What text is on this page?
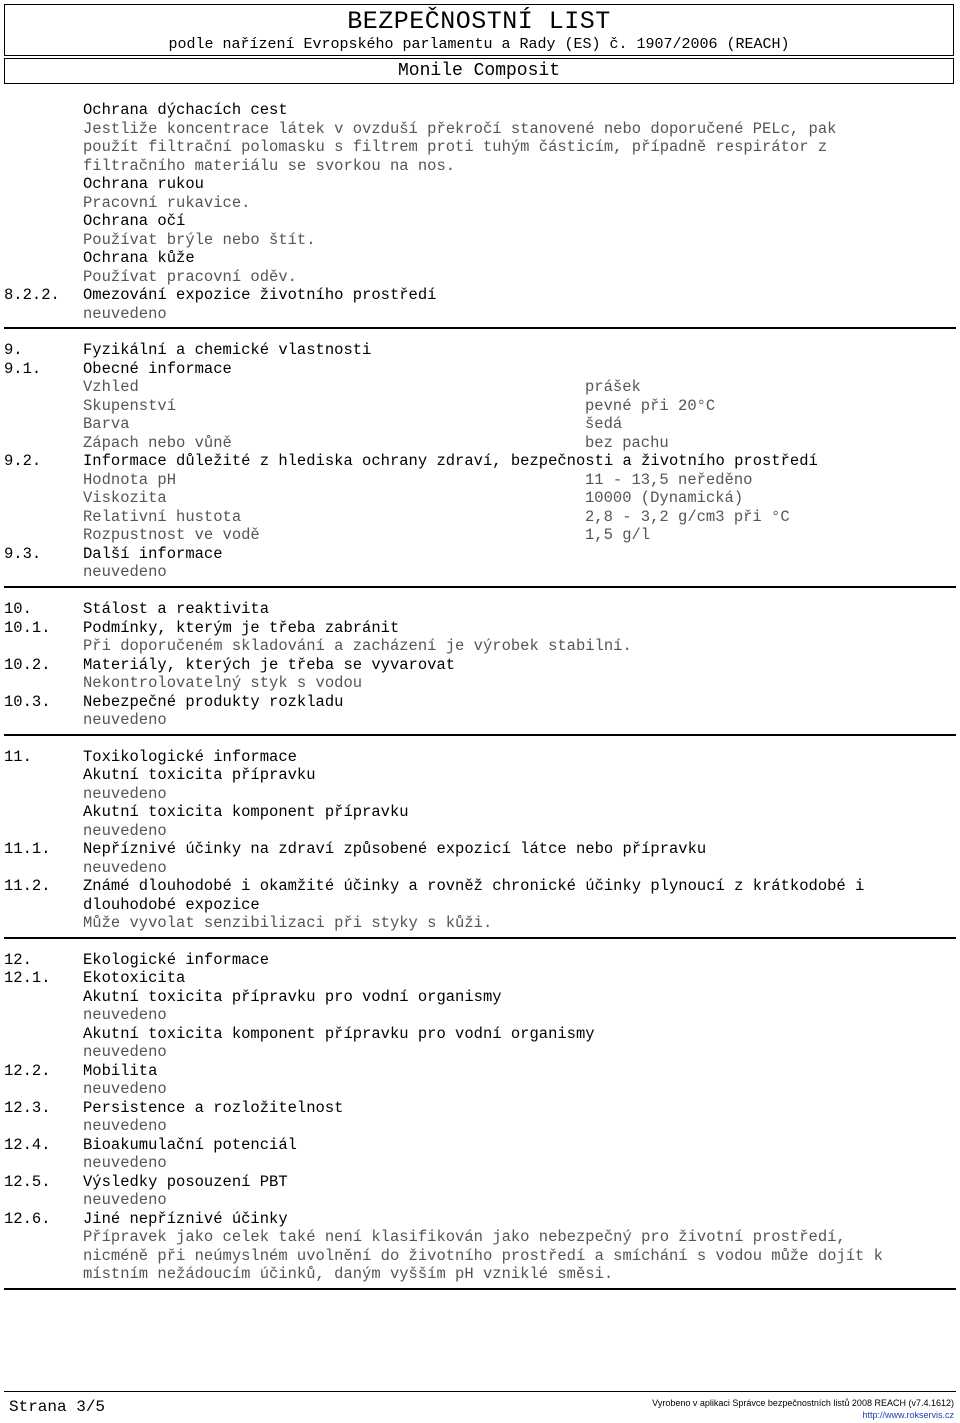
BEZPEČNOSTNÍ LIST
podle nařízení Evropského parlamentu a Rady (ES) č. 1907/2006 (REACH)
Monile Composit
Ochrana dýchacích cest
Jestliže koncentrace látek v ovzduší překročí stanovené nebo doporučené PELc, pak
použít filtrační polomasku s filtrem proti tuhým částicím, případně respirátor z
filtračního materiálu se svorkou na nos.
Ochrana rukou
Pracovní rukavice.
Ochrana očí
Používat brýle nebo štít.
Ochrana kůže
Používat pracovní oděv.
8.2.2. Omezování expozice životního prostředí
neuvedeno
9.	Fyzikální a chemické vlastnosti
9.1.	Obecné informace
Vzhled	prášek
Skupenství	pevné při 20°C
Barva	šedá
Zápach nebo vůně	bez pachu
9.2.	Informace důležité z hlediska ochrany zdraví, bezpečnosti a životního prostředí
Hodnota pH	11 - 13,5 neředěno
Viskozita	10000 (Dynamická)
Relativní hustota	2,8 - 3,2 g/cm3 při °C
Rozpustnost ve vodě	1,5 g/l
9.3.	Další informace
neuvedeno
10.	Stálost a reaktivita
10.1. Podmínky, kterým je třeba zabránit
Při doporučeném skladování a zacházení je výrobek stabilní.
10.2. Materiály, kterých je třeba se vyvarovat
Nekontrolovatelný styk s vodou
10.3. Nebezpečné produkty rozkladu
neuvedeno
11.	Toxikologické informace
Akutní toxicita přípravku
neuvedeno
Akutní toxicita komponent přípravku
neuvedeno
11.1. Nepříznivé účinky na zdraví způsobené expozicí látce nebo přípravku
neuvedeno
11.2. Známé dlouhodobé i okamžité účinky a rovněž chronické účinky plynoucí z krátkodobé i
dlouhodobé expozice
Může vyvolat senzibilizaci při styky s kůži.
12.	Ekologické informace
12.1. Ekotoxicita
Akutní toxicita přípravku pro vodní organismy
neuvedeno
Akutní toxicita komponent přípravku pro vodní organismy
neuvedeno
12.2. Mobilita
neuvedeno
12.3. Persistence a rozložitelnost
neuvedeno
12.4. Bioakumulační potenciál
neuvedeno
12.5. Výsledky posouzení PBT
neuvedeno
12.6. Jiné nepříznivé účinky
Přípravek jako celek také není klasifikován jako nebezpečný pro životní prostředí,
nicméně při neúmyslném uvolnění do životního prostředí a smíchání s vodou může dojít k
místním nežádoucím účinků, daným vyšším pH vzniklé směsi.
Strana 3/5	Vyrobeno v aplikaci Správce bezpečnostních listů 2008 REACH (v7.4.1612)
http://www.rokservis.cz
